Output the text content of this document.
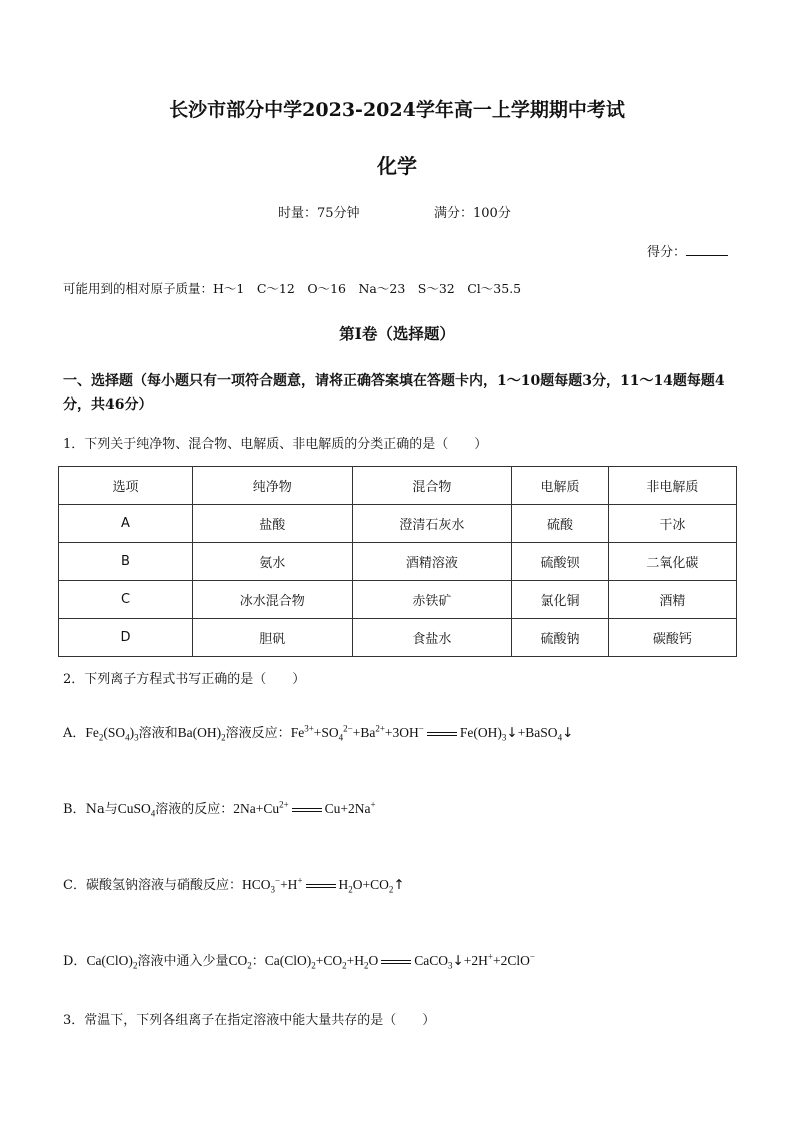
长沙市部分中学2023-2024学年高一上学期期中考试
化学
时量：75分钟	满分：100分
得分：
可能用到的相对原子质量：H～1　C～12　O～16　Na～23　S～32　Cl～35.5
第Ⅰ卷（选择题）
一、选择题（每小题只有一项符合题意，请将正确答案填在答题卡内，1～10题每题3分，11～14题每题4分，共46分）
1．下列关于纯净物、混合物、电解质、非电解质的分类正确的是（　　）
选项	纯净物	混合物	电解质	非电解质
A	盐酸	澄清石灰水	硫酸	干冰
B	氨水	酒精溶液	硫酸钡	二氧化碳
C	冰水混合物	赤铁矿	氯化铜	酒精
D	胆矾	食盐水	硫酸钠	碳酸钙
2．下列离子方程式书写正确的是（　　）
A．$Fe_2(SO_4)_3$溶液和$Ba(OH)_2$溶液反应：$Fe^{3+}+SO_4^{2-}+Ba^{2+}+3OH^-$	$Fe(OH)_3↓+BaSO_4↓$
B．Na与CuSO$_4$溶液的反应：$2Na+Cu^{2+}$	Cu+2Na+
C．碳酸氢钠溶液与硝酸反应：$HCO_3^-+H^+$	$H_2O+CO_2↑$
D．$Ca(ClO)_2$溶液中通入少量$CO_2$：$Ca(ClO)_2+CO_2+H_2O$	CaCO$_3$↓+2H++2ClO−
3．常温下，下列各组离子在指定溶液中能大量共存的是（　　）
